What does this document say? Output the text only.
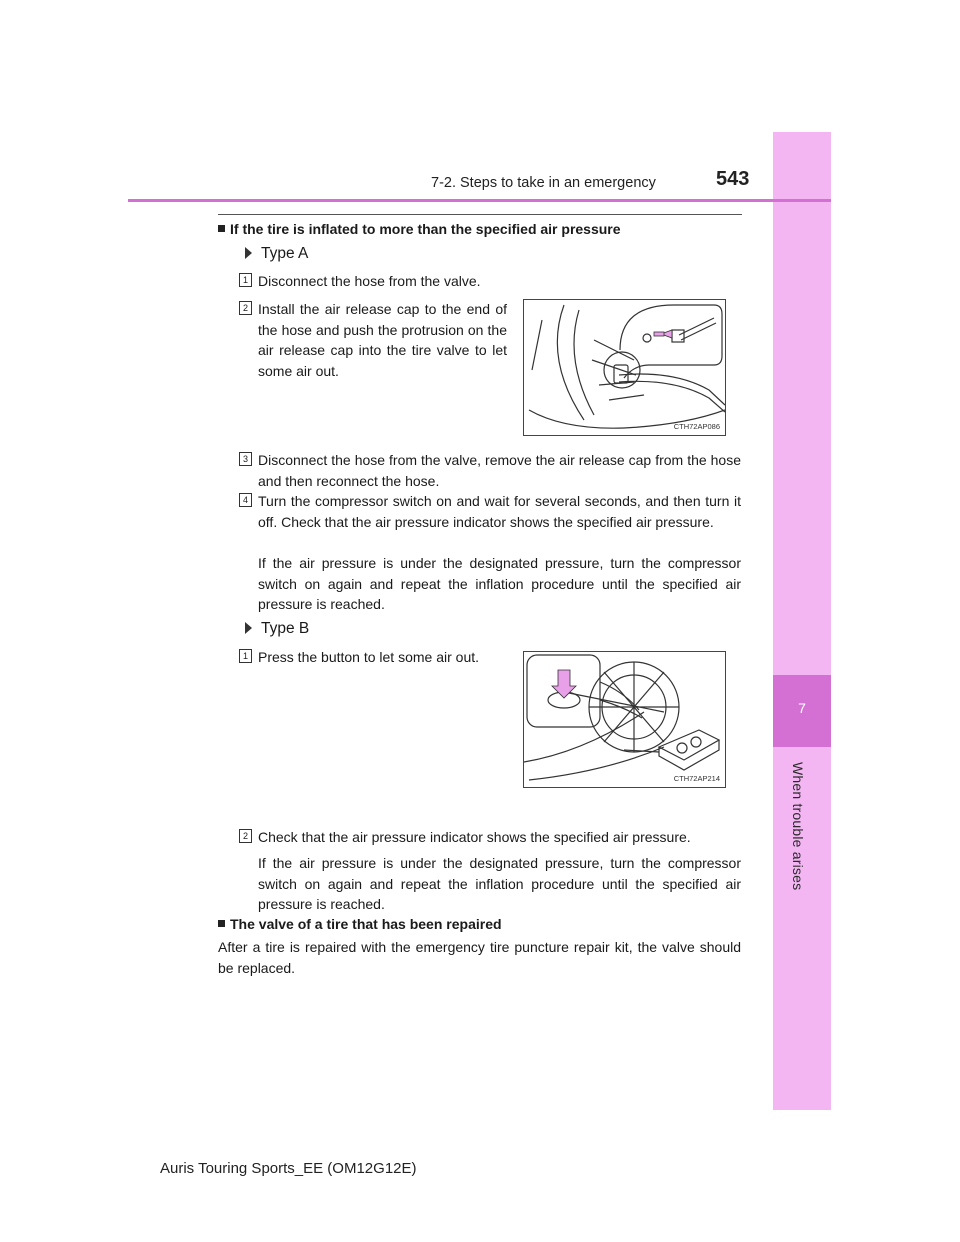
7
When trouble arises
7-2. Steps to take in an emergency	543
If the tire is inflated to more than the specified air pressure
Type A
1 Disconnect the hose from the valve.
2 Install the air release cap to the end of the hose and push the protrusion on the air release cap into the tire valve to let some air out.
CTH72AP086
3 Disconnect the hose from the valve, remove the air release cap from the hose and then reconnect the hose.
4 Turn the compressor switch on and wait for several seconds, and then turn it off. Check that the air pressure indicator shows the specified air pressure.
If the air pressure is under the designated pressure, turn the compressor switch on again and repeat the inflation procedure until the specified air pressure is reached.
Type B
1 Press the button to let some air out.
CTH72AP214
2 Check that the air pressure indicator shows the specified air pressure.
If the air pressure is under the designated pressure, turn the compressor switch on again and repeat the inflation procedure until the specified air pressure is reached.
The valve of a tire that has been repaired
After a tire is repaired with the emergency tire puncture repair kit, the valve should be replaced.
Auris Touring Sports_EE (OM12G12E)
